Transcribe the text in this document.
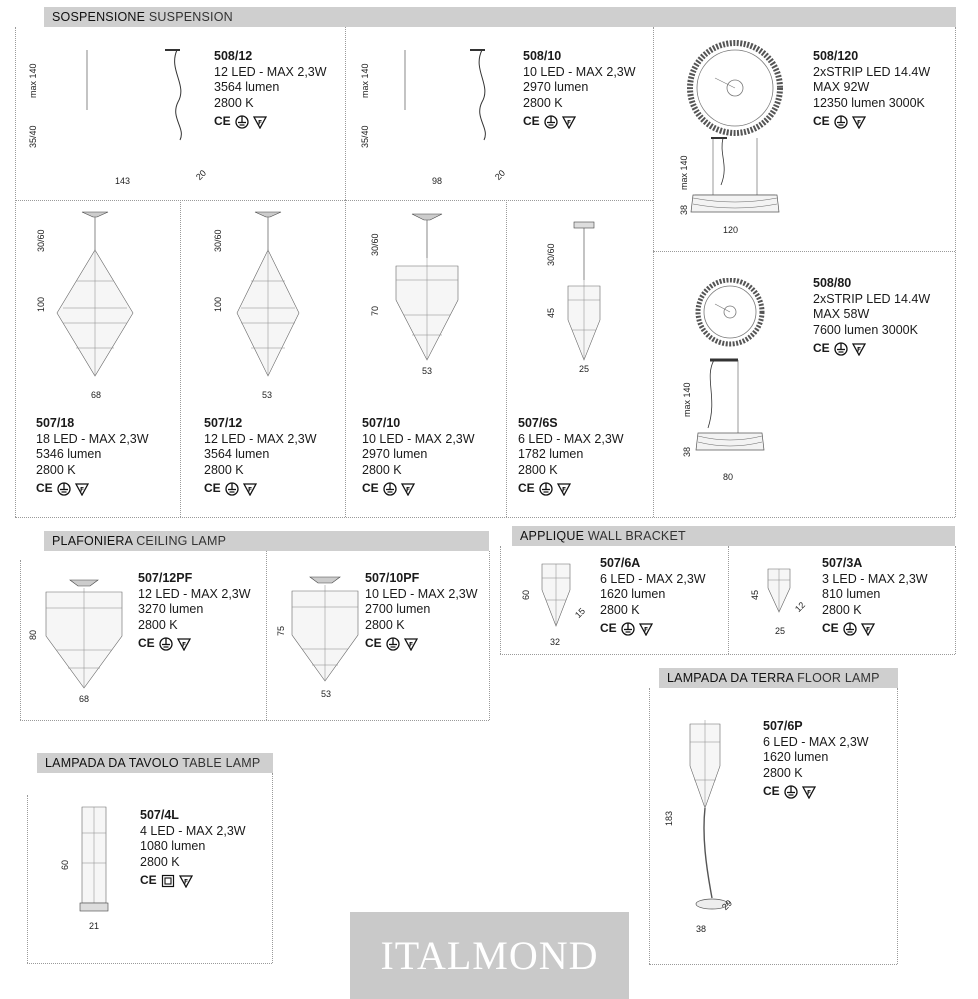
SOSPENSIONE SUSPENSION
508/12
12 LED - MAX 2,3W
3564 lumen
2800 K
CE
max 140
35/40
143	20
508/10
10 LED - MAX 2,3W
2970 lumen
2800 K
CE
max 140
35/40
98	20
508/120
2xSTRIP LED 14.4W
MAX 92W
12350 lumen 3000K
CE
max 140
38
120
508/80
2xSTRIP LED 14.4W
MAX 58W
7600 lumen 3000K
CE
max 140
38
80
30/60
100
68
507/18
18 LED - MAX 2,3W
5346 lumen
2800 K
CE
30/60
100
53
507/12
12 LED - MAX 2,3W
3564 lumen
2800 K
CE
30/60
70
53
507/10
10 LED - MAX 2,3W
2970 lumen
2800 K
CE
30/60
45
25
507/6S
6 LED - MAX 2,3W
1782 lumen
2800 K
CE
PLAFONIERA CEILING LAMP
80
68
507/12PF
12 LED - MAX 2,3W
3270 lumen
2800 K
CE
75
53
507/10PF
10 LED - MAX 2,3W
2700 lumen
2800 K
CE
APPLIQUE WALL BRACKET
60
32
15
507/6A
6 LED - MAX 2,3W
1620 lumen
2800 K
CE
45
25
12
507/3A
3 LED - MAX 2,3W
810 lumen
2800 K
CE
LAMPADA DA TERRA FLOOR LAMP
183
38
29
507/6P
6 LED - MAX 2,3W
1620 lumen
2800 K
CE
LAMPADA DA TAVOLO TABLE LAMP
60
21
507/4L
4 LED - MAX 2,3W
1080 lumen
2800 K
CE
ITALMOND
